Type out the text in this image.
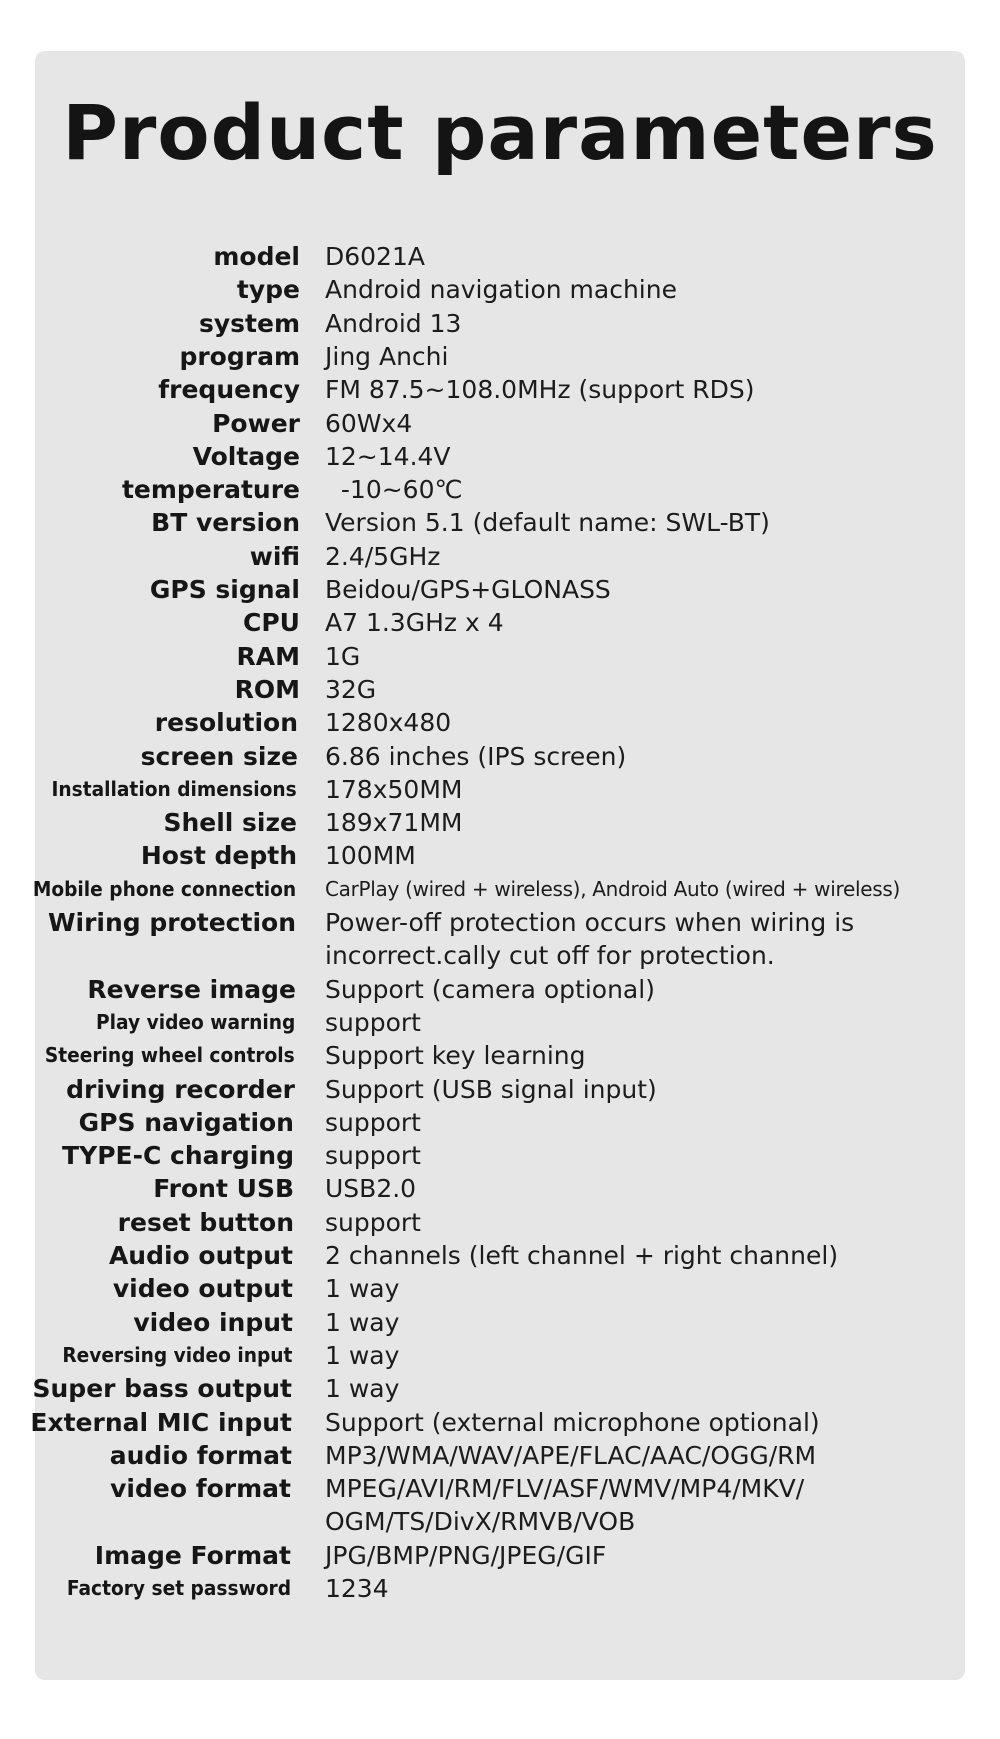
Product parameters
model D6021A
type Android navigation machine
system Android 13
program Jing Anchi
frequency FM 87.5~108.0MHz (support RDS)
Power 60Wx4
Voltage 12~14.4V
temperature -10~60℃
BT version Version 5.1 (default name: SWL-BT)
wifi 2.4/5GHz
GPS signal Beidou/GPS+GLONASS
CPU A7 1.3GHz x 4
RAM 1G
ROM 32G
resolution 1280x480
screen size 6.86 inches (IPS screen)
Installation dimensions 178x50MM
Shell size 189x71MM
Host depth 100MM
Mobile phone connection CarPlay (wired + wireless), Android Auto (wired + wireless)
Wiring protection Power-off protection occurs when wiring is incorrect.cally cut off for protection.
Reverse image Support (camera optional)
Play video warning support
Steering wheel controls Support key learning
driving recorder Support (USB signal input)
GPS navigation support
TYPE-C charging support
Front USB USB2.0
reset button support
Audio output 2 channels (left channel + right channel)
video output 1 way
video input 1 way
Reversing video input 1 way
Super bass output 1 way
External MIC input Support (external microphone optional)
audio format MP3/WMA/WAV/APE/FLAC/AAC/OGG/RM
video format MPEG/AVI/RM/FLV/ASF/WMV/MP4/MKV/ OGM/TS/DivX/RMVB/VOB
Image Format JPG/BMP/PNG/JPEG/GIF
Factory set password 1234
